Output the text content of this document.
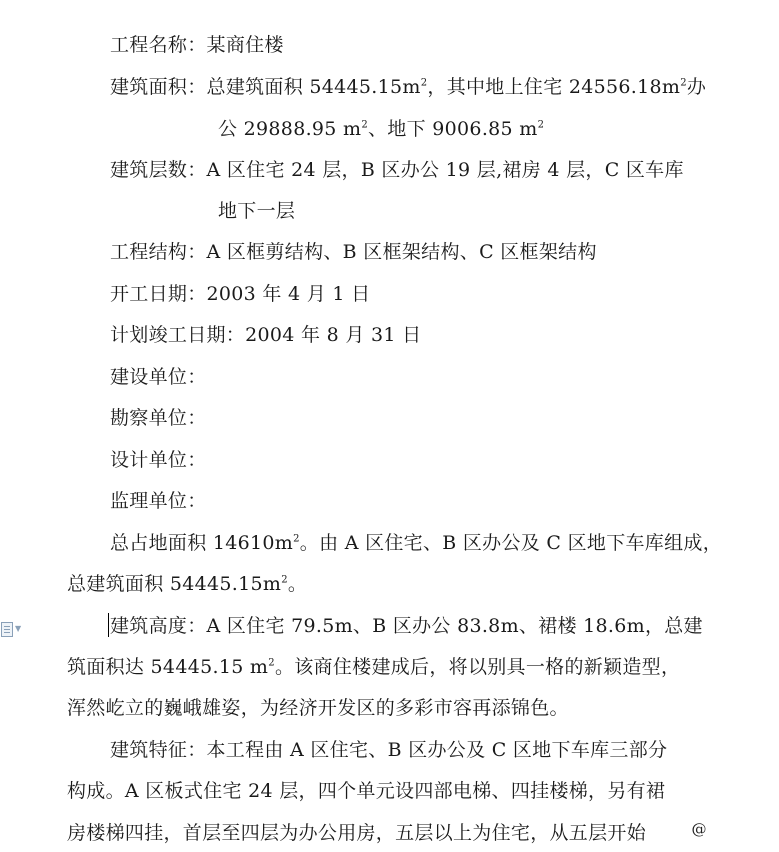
▼
工程名称：某商住楼
建筑面积：总建筑面积 $54445.15m^2$，其中地上住宅 $24556.18m^2$办
公 29888.95 $m^2$、地下 9006.85 $m^2$
建筑层数：A 区住宅 24 层，B 区办公 19 层,裙房 4 层，C 区车库
地下一层
工程结构：A 区框剪结构、B 区框架结构、C 区框架结构
开工日期：2003 年 4 月 1 日
计划竣工日期：2004 年 8 月 31 日
建设单位：
勘察单位：
设计单位：
监理单位：
总占地面积 $14610m^2$。由 A 区住宅、B 区办公及 C 区地下车库组成，
总建筑面积 $54445.15m^2$。
建筑高度：A 区住宅 79.5m、B 区办公 83.8m、裙楼 18.6m，总建
筑面积达 54445.15 $m^2$。该商住楼建成后，将以别具一格的新颖造型，
浑然屹立的巍峨雄姿，为经济开发区的多彩市容再添锦色。
建筑特征：本工程由 A 区住宅、B 区办公及 C 区地下车库三部分
构成。A 区板式住宅 24 层，四个单元设四部电梯、四挂楼梯，另有裙
房楼梯四挂，首层至四层为办公用房，五层以上为住宅，从五层开始	@
